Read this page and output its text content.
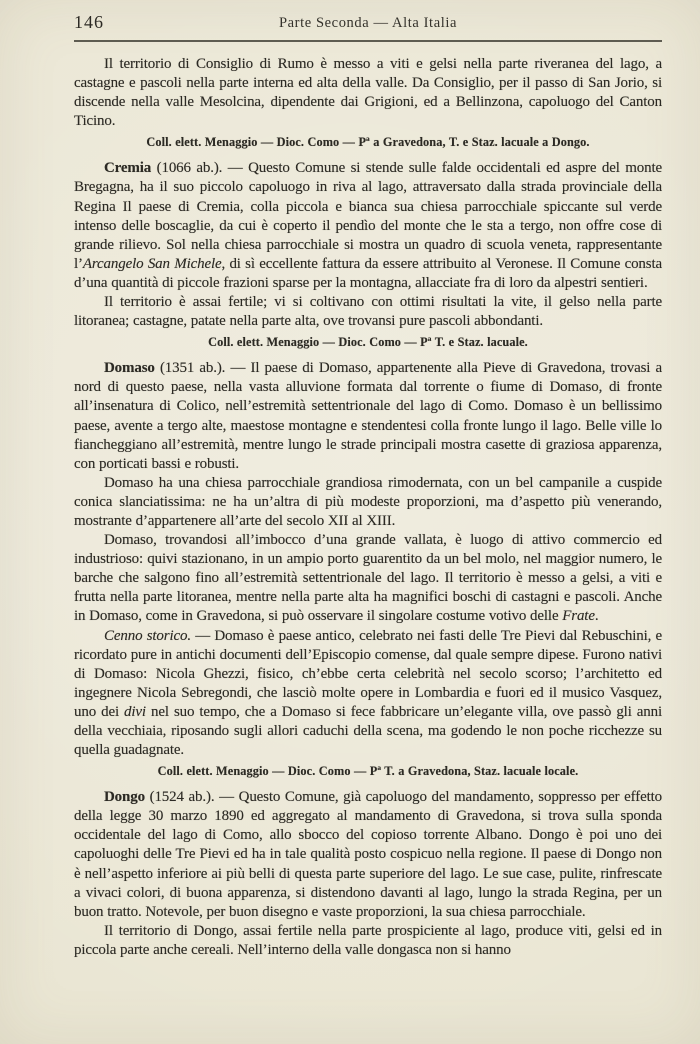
146	Parte Seconda — Alta Italia

Il territorio di Consiglio di Rumo è messo a viti e gelsi nella parte riveranea del lago, a castagne e pascoli nella parte interna ed alta della valle. Da Consiglio, per il passo di San Jorio, si discende nella valle Mesolcina, dipendente dai Grigioni, ed a Bellinzona, capoluogo del Canton Ticino.

Coll. elett. Menaggio — Dioc. Como — Pª a Gravedona, T. e Staz. lacuale a Dongo.

Cremia (1066 ab.). — Questo Comune si stende sulle falde occidentali ed aspre del monte Bregagna, ha il suo piccolo capoluogo in riva al lago, attraversato dalla strada provinciale della Regina Il paese di Cremia, colla piccola e bianca sua chiesa parrocchiale spiccante sul verde intenso delle boscaglie, da cui è coperto il pendìo del monte che le sta a tergo, non offre cose di grande rilievo. Sol nella chiesa parrocchiale si mostra un quadro di scuola veneta, rappresentante l’Arcangelo San Michele, di sì eccellente fattura da essere attribuito al Veronese. Il Comune consta d’una quantità di piccole frazioni sparse per la montagna, allacciate fra di loro da alpestri sentieri.

Il territorio è assai fertile; vi si coltivano con ottimi risultati la vite, il gelso nella parte litoranea; castagne, patate nella parte alta, ove trovansi pure pascoli abbondanti.

Coll. elett. Menaggio — Dioc. Como — Pª T. e Staz. lacuale.

Domaso (1351 ab.). — Il paese di Domaso, appartenente alla Pieve di Gravedona, trovasi a nord di questo paese, nella vasta alluvione formata dal torrente o fiume di Domaso, di fronte all’insenatura di Colico, nell’estremità settentrionale del lago di Como. Domaso è un bellissimo paese, avente a tergo alte, maestose montagne e stendentesi colla fronte lungo il lago. Belle ville lo fiancheggiano all’estremità, mentre lungo le strade principali mostra casette di graziosa apparenza, con porticati bassi e robusti.

Domaso ha una chiesa parrocchiale grandiosa rimodernata, con un bel campanile a cuspide conica slanciatissima: ne ha un’altra di più modeste proporzioni, ma d’aspetto più venerando, mostrante d’appartenere all’arte del secolo XII al XIII.

Domaso, trovandosi all’imbocco d’una grande vallata, è luogo di attivo commercio ed industrioso: quivi stazionano, in un ampio porto guarentito da un bel molo, nel maggior numero, le barche che salgono fino all’estremità settentrionale del lago. Il territorio è messo a gelsi, a viti e frutta nella parte litoranea, mentre nella parte alta ha magnifici boschi di castagni e pascoli. Anche in Domaso, come in Gravedona, si può osservare il singolare costume votivo delle Frate.

Cenno storico. — Domaso è paese antico, celebrato nei fasti delle Tre Pievi dal Rebuschini, e ricordato pure in antichi documenti dell’Episcopio comense, dal quale sempre dipese. Furono nativi di Domaso: Nicola Ghezzi, fisico, ch’ebbe certa celebrità nel secolo scorso; l’architetto ed ingegnere Nicola Sebregondi, che lasciò molte opere in Lombardia e fuori ed il musico Vasquez, uno dei divi nel suo tempo, che a Domaso si fece fabbricare un’elegante villa, ove passò gli anni della vecchiaia, riposando sugli allori caduchi della scena, ma godendo le non poche ricchezze su quella guadagnate.

Coll. elett. Menaggio — Dioc. Como — Pª T. a Gravedona, Staz. lacuale locale.

Dongo (1524 ab.). — Questo Comune, già capoluogo del mandamento, soppresso per effetto della legge 30 marzo 1890 ed aggregato al mandamento di Gravedona, si trova sulla sponda occidentale del lago di Como, allo sbocco del copioso torrente Albano. Dongo è poi uno dei capoluoghi delle Tre Pievi ed ha in tale qualità posto cospicuo nella regione. Il paese di Dongo non è nell’aspetto inferiore ai più belli di questa parte superiore del lago. Le sue case, pulite, rinfrescate a vivaci colori, di buona apparenza, si distendono davanti al lago, lungo la strada Regina, per un buon tratto. Notevole, per buon disegno e vaste proporzioni, la sua chiesa parrocchiale.

Il territorio di Dongo, assai fertile nella parte prospiciente al lago, produce viti, gelsi ed in piccola parte anche cereali. Nell’interno della valle dongasca non si hanno
